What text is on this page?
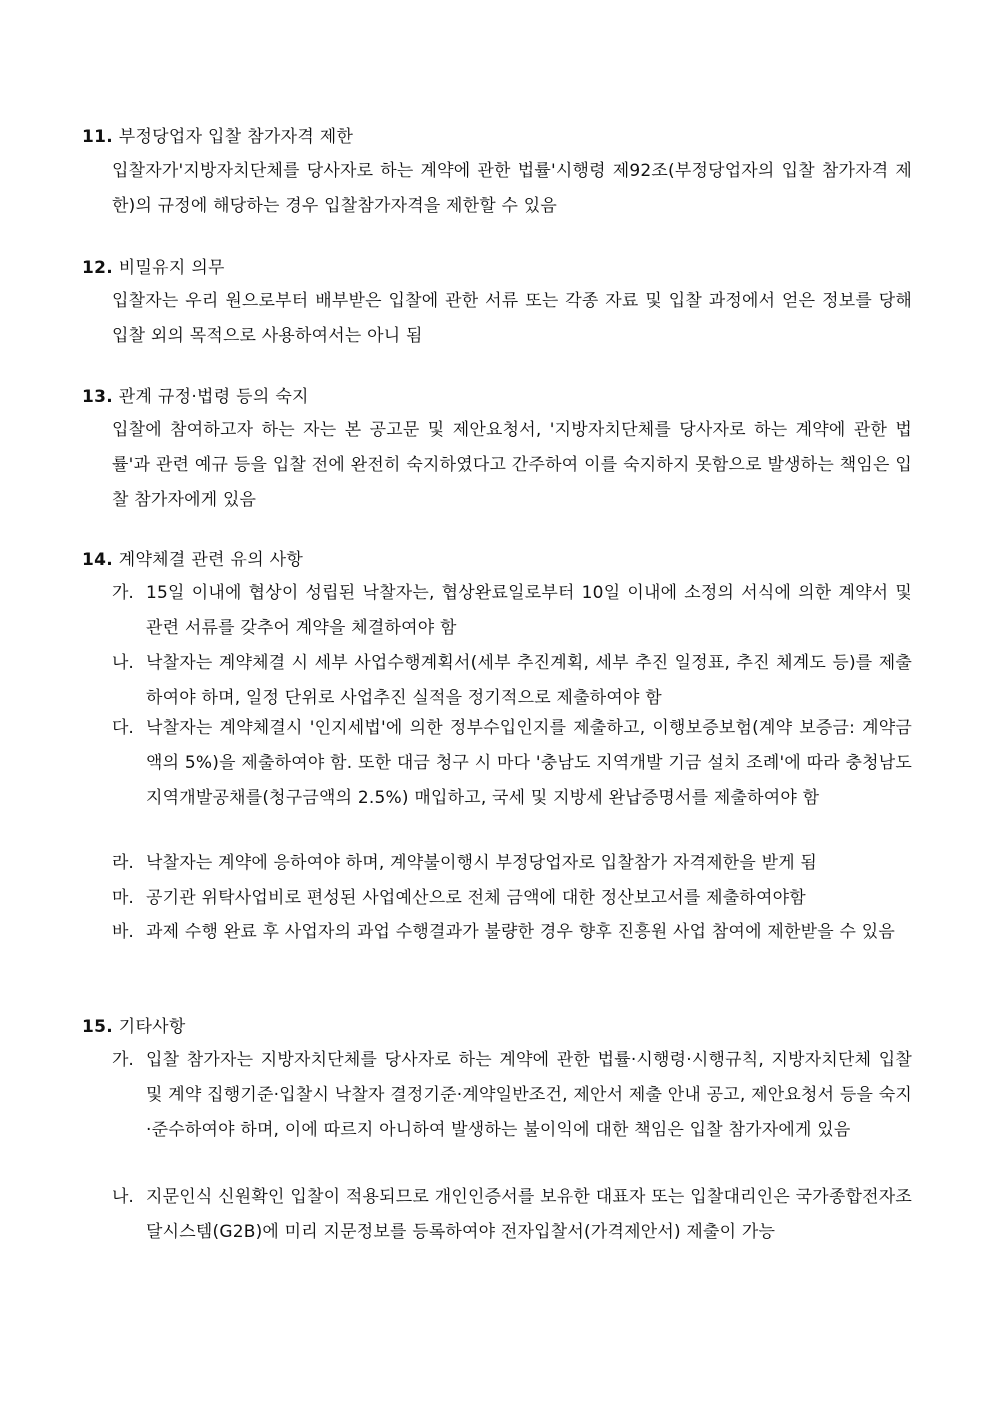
11. 부정당업자 입찰 참가자격 제한
입찰자가'지방자치단체를 당사자로 하는 계약에 관한 법률'시행령 제92조(부정당업자의 입찰 참가자격 제한)의 규정에 해당하는 경우 입찰참가자격을 제한할 수 있음
12. 비밀유지 의무
입찰자는 우리 원으로부터 배부받은 입찰에 관한 서류 또는 각종 자료 및 입찰 과정에서 얻은 정보를 당해 입찰 외의 목적으로 사용하여서는 아니 됨
13. 관계 규정·법령 등의 숙지
입찰에 참여하고자 하는 자는 본 공고문 및 제안요청서, '지방자치단체를 당사자로 하는 계약에 관한 법률'과 관련 예규 등을 입찰 전에 완전히 숙지하였다고 간주하여 이를 숙지하지 못함으로 발생하는 책임은 입찰 참가자에게 있음
14. 계약체결 관련 유의 사항
가. 15일 이내에 협상이 성립된 낙찰자는, 협상완료일로부터 10일 이내에 소정의 서식에 의한 계약서 및 관련 서류를 갖추어 계약을 체결하여야 함
나. 낙찰자는 계약체결 시 세부 사업수행계획서(세부 추진계획, 세부 추진 일정표, 추진 체계도 등)를 제출하여야 하며, 일정 단위로 사업추진 실적을 정기적으로 제출하여야 함
다. 낙찰자는 계약체결시 '인지세법'에 의한 정부수입인지를 제출하고, 이행보증보험(계약 보증금: 계약금액의 5%)을 제출하여야 함. 또한 대금 청구 시 마다 '충남도 지역개발 기금 설치 조례'에 따라 충청남도 지역개발공채를(청구금액의 2.5%) 매입하고, 국세 및 지방세 완납증명서를 제출하여야 함
라. 낙찰자는 계약에 응하여야 하며, 계약불이행시 부정당업자로 입찰참가 자격제한을 받게 됨
마. 공기관 위탁사업비로 편성된 사업예산으로 전체 금액에 대한 정산보고서를 제출하여야함
바. 과제 수행 완료 후 사업자의 과업 수행결과가 불량한 경우 향후 진흥원 사업 참여에 제한받을 수 있음
15. 기타사항
가. 입찰 참가자는 지방자치단체를 당사자로 하는 계약에 관한 법률·시행령·시행규칙, 지방자치단체 입찰 및 계약 집행기준·입찰시 낙찰자 결정기준·계약일반조건, 제안서 제출 안내 공고, 제안요청서 등을 숙지·준수하여야 하며, 이에 따르지 아니하여 발생하는 불이익에 대한 책임은 입찰 참가자에게 있음
나. 지문인식 신원확인 입찰이 적용되므로 개인인증서를 보유한 대표자 또는 입찰대리인은 국가종합전자조달시스템(G2B)에 미리 지문정보를 등록하여야 전자입찰서(가격제안서) 제출이 가능
